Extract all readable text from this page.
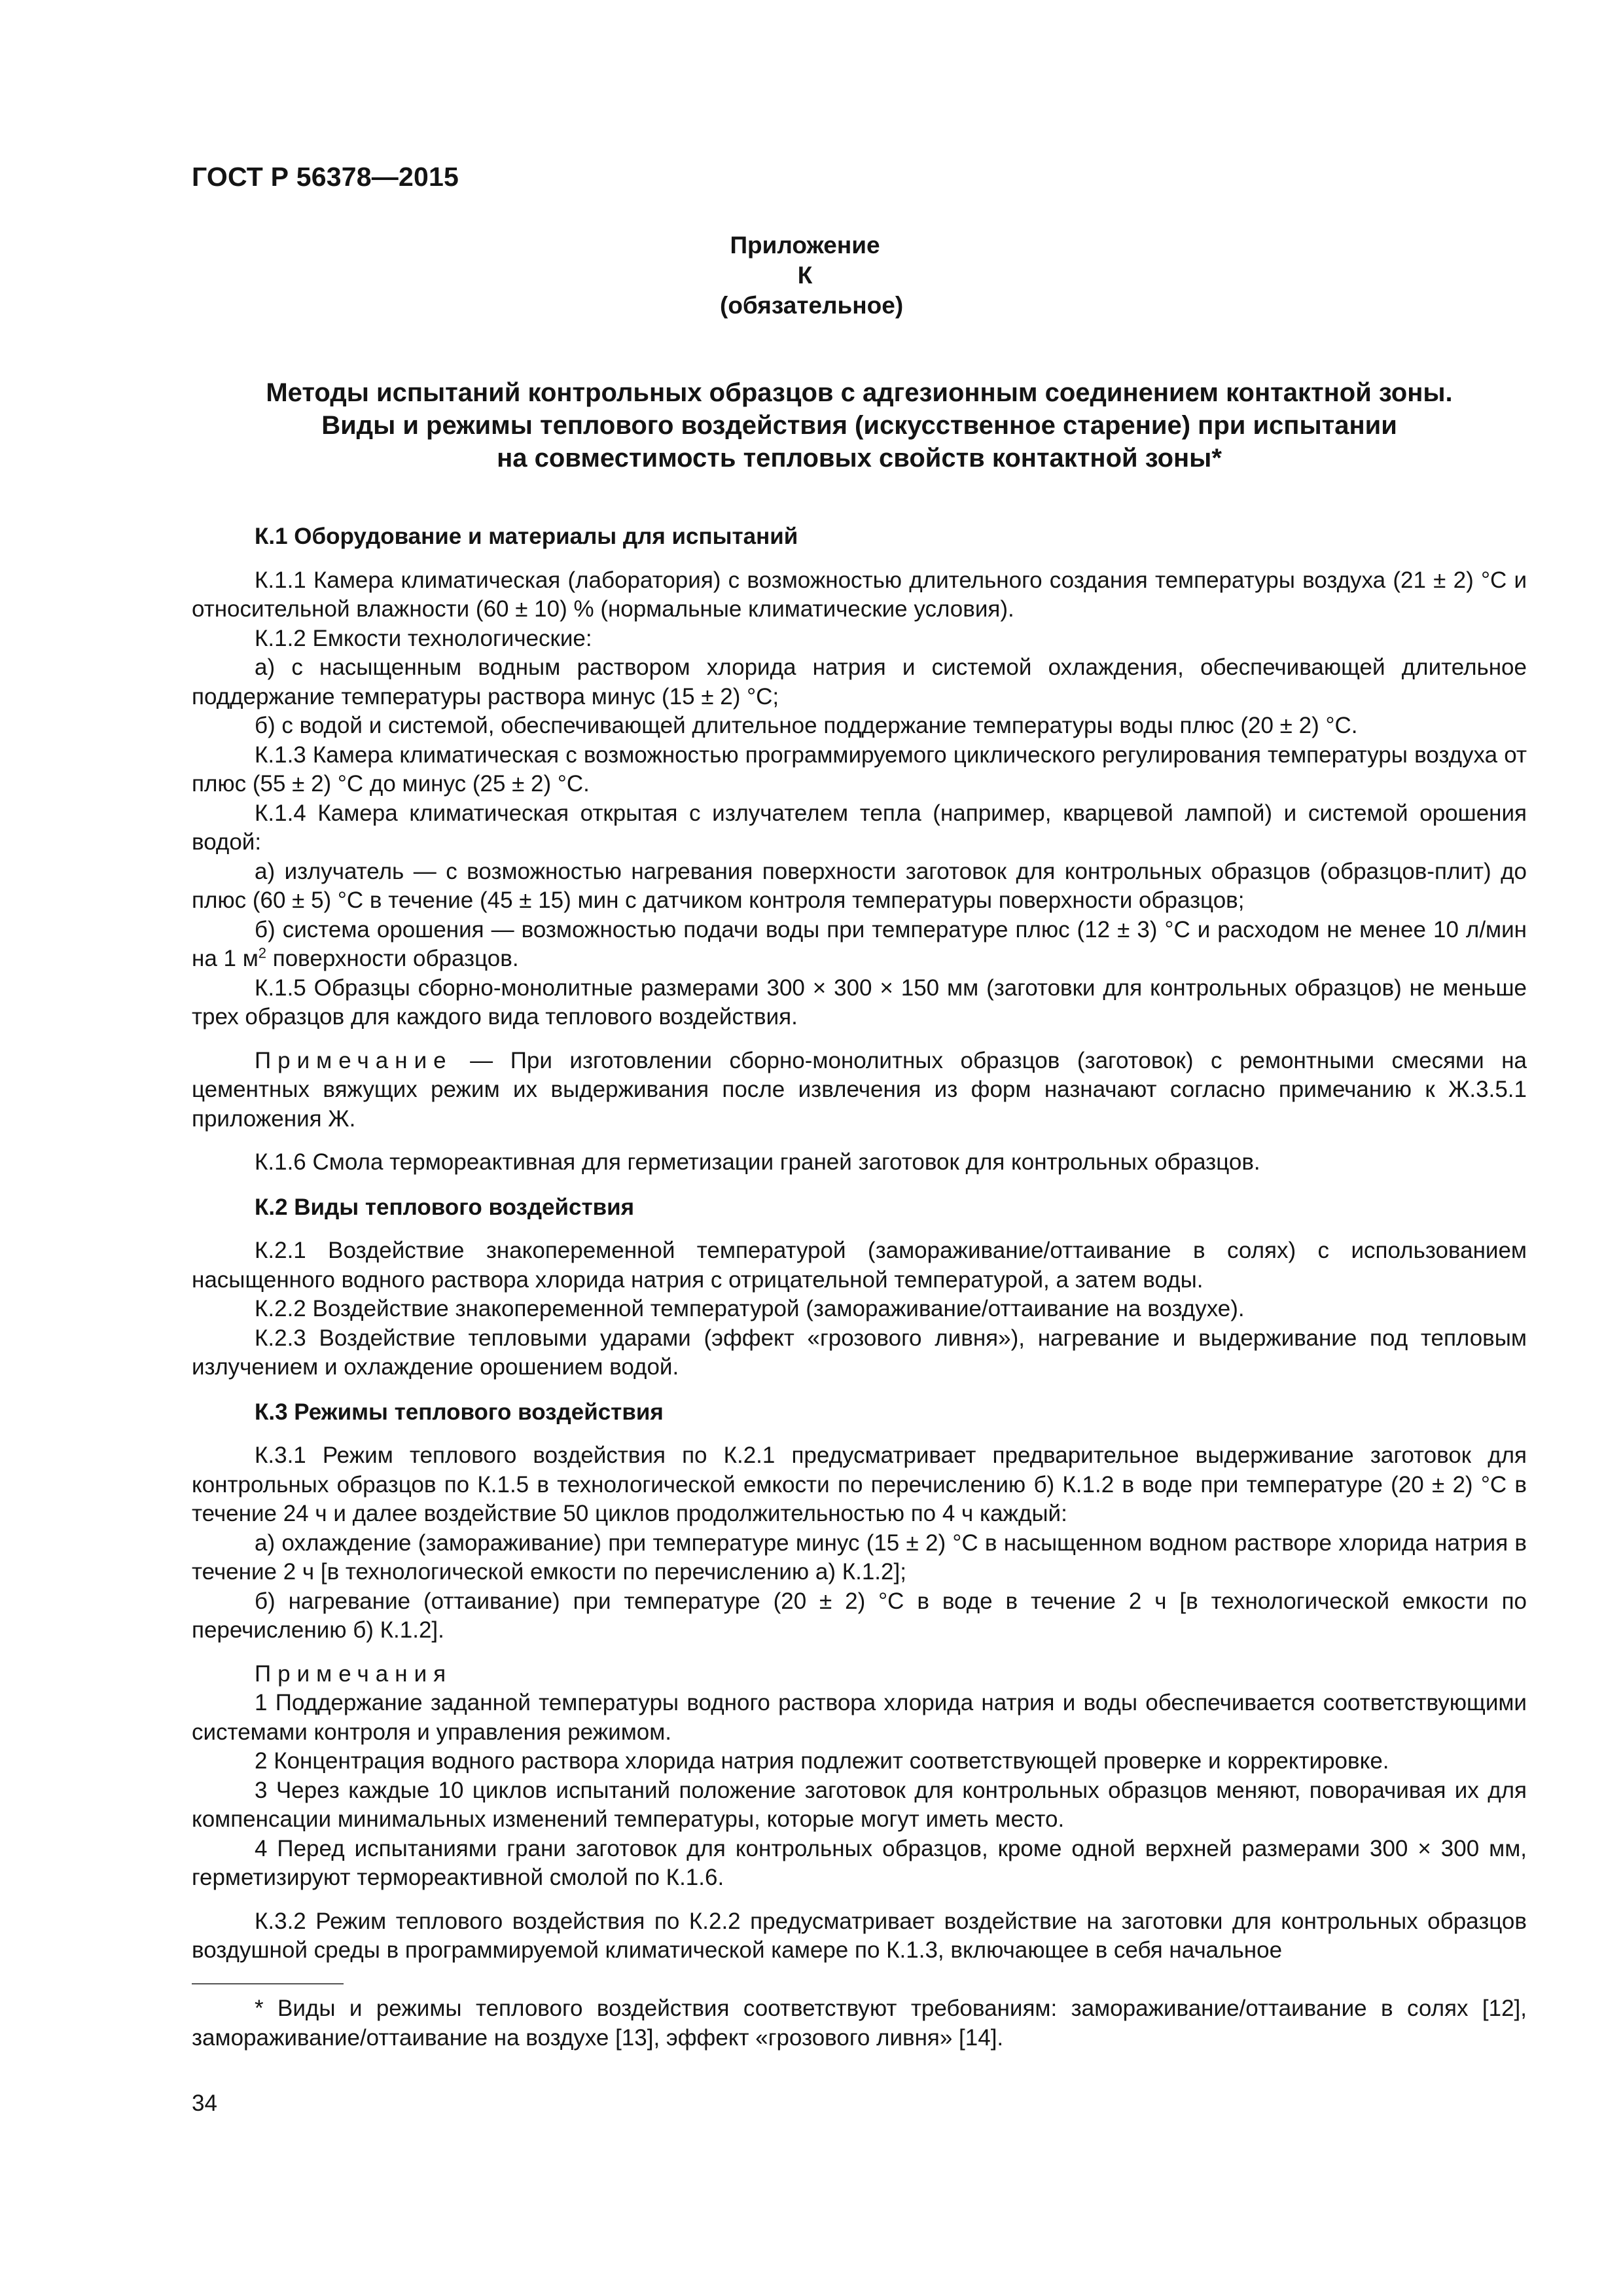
ГОСТ Р 56378—2015
Приложение К
(обязательное)
Методы испытаний контрольных образцов с адгезионным соединением контактной зоны.
Виды и режимы теплового воздействия (искусственное старение) при испытании
на совместимость тепловых свойств контактной зоны*

К.1 Оборудование и материалы для испытаний

К.1.1 Камера климатическая (лаборатория) с возможностью длительного создания температуры воздуха (21 ± 2) °С и относительной влажности (60 ± 10) % (нормальные климатические условия).

К.1.2 Емкости технологические:

а) с насыщенным водным раствором хлорида натрия и системой охлаждения, обеспечивающей длительное поддержание температуры раствора минус (15 ± 2) °С;

б) с водой и системой, обеспечивающей длительное поддержание температуры воды плюс (20 ± 2) °С.

К.1.3 Камера климатическая с возможностью программируемого циклического регулирования температуры воздуха от плюс (55 ± 2) °С до минус (25 ± 2) °С.

К.1.4 Камера климатическая открытая с излучателем тепла (например, кварцевой лампой) и системой орошения водой:

а) излучатель — с возможностью нагревания поверхности заготовок для контрольных образцов (образцов-плит) до плюс (60 ± 5) °С в течение (45 ± 15) мин с датчиком контроля температуры поверхности образцов;

б) система орошения — возможностью подачи воды при температуре плюс (12 ± 3) °С и расходом не менее 10 л/мин на 1 $м^2$ поверхности образцов.

К.1.5 Образцы сборно-монолитные размерами 300 × 300 × 150 мм (заготовки для контрольных образцов) не меньше трех образцов для каждого вида теплового воздействия.

Примечание — При изготовлении сборно-монолитных образцов (заготовок) с ремонтными смесями на цементных вяжущих режим их выдерживания после извлечения из форм назначают согласно примечанию к Ж.3.5.1 приложения Ж.

К.1.6 Смола термореактивная для герметизации граней заготовок для контрольных образцов.

К.2 Виды теплового воздействия

К.2.1 Воздействие знакопеременной температурой (замораживание/оттаивание в солях) с использованием насыщенного водного раствора хлорида натрия с отрицательной температурой, а затем воды.

К.2.2 Воздействие знакопеременной температурой (замораживание/оттаивание на воздухе).

К.2.3 Воздействие тепловыми ударами (эффект «грозового ливня»), нагревание и выдерживание под тепловым излучением и охлаждение орошением водой.

К.3 Режимы теплового воздействия

К.3.1 Режим теплового воздействия по К.2.1 предусматривает предварительное выдерживание заготовок для контрольных образцов по К.1.5 в технологической емкости по перечислению б) К.1.2 в воде при температуре (20 ± 2) °С в течение 24 ч и далее воздействие 50 циклов продолжительностью по 4 ч каждый:

а) охлаждение (замораживание) при температуре минус (15 ± 2) °С в насыщенном водном растворе хлорида натрия в течение 2 ч [в технологической емкости по перечислению а) К.1.2];

б) нагревание (оттаивание) при температуре (20 ± 2) °С в воде в течение 2 ч [в технологической емкости по перечислению б) К.1.2].

Примечания

1 Поддержание заданной температуры водного раствора хлорида натрия и воды обеспечивается соответствующими системами контроля и управления режимом.

2 Концентрация водного раствора хлорида натрия подлежит соответствующей проверке и корректировке.

3 Через каждые 10 циклов испытаний положение заготовок для контрольных образцов меняют, поворачивая их для компенсации минимальных изменений температуры, которые могут иметь место.

4 Перед испытаниями грани заготовок для контрольных образцов, кроме одной верхней размерами 300 × 300 мм, герметизируют термореактивной смолой по К.1.6.

К.3.2 Режим теплового воздействия по К.2.2 предусматривает воздействие на заготовки для контрольных образцов воздушной среды в программируемой климатической камере по К.1.3, включающее в себя начальное

* Виды и режимы теплового воздействия соответствуют требованиям: замораживание/оттаивание в солях [12], замораживание/оттаивание на воздухе [13], эффект «грозового ливня» [14].

34
